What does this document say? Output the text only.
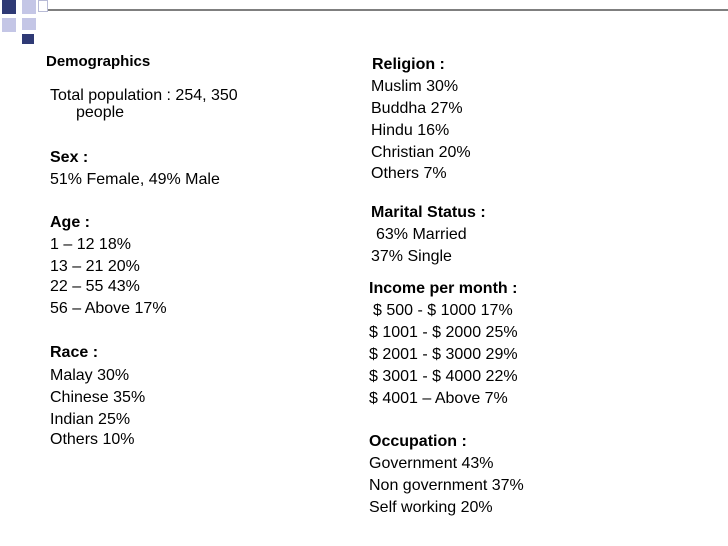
Demographics
Total population : 254, 350
people
Sex :
51% Female, 49% Male
Age :
1 – 12 18%
13 – 21 20%
22 – 55 43%
56 – Above 17%
Race :
Malay 30%
Chinese 35%
Indian 25%
Others 10%
Religion :
Muslim 30%
Buddha 27%
Hindu 16%
Christian 20%
Others 7%
Marital Status :
63% Married
37% Single
Income per month :
$ 500 - $ 1000 17%
$ 1001 - $ 2000 25%
$ 2001 - $ 3000 29%
$ 3001 - $ 4000 22%
$ 4001 – Above 7%
Occupation :
Government 43%
Non government 37%
Self working 20%
